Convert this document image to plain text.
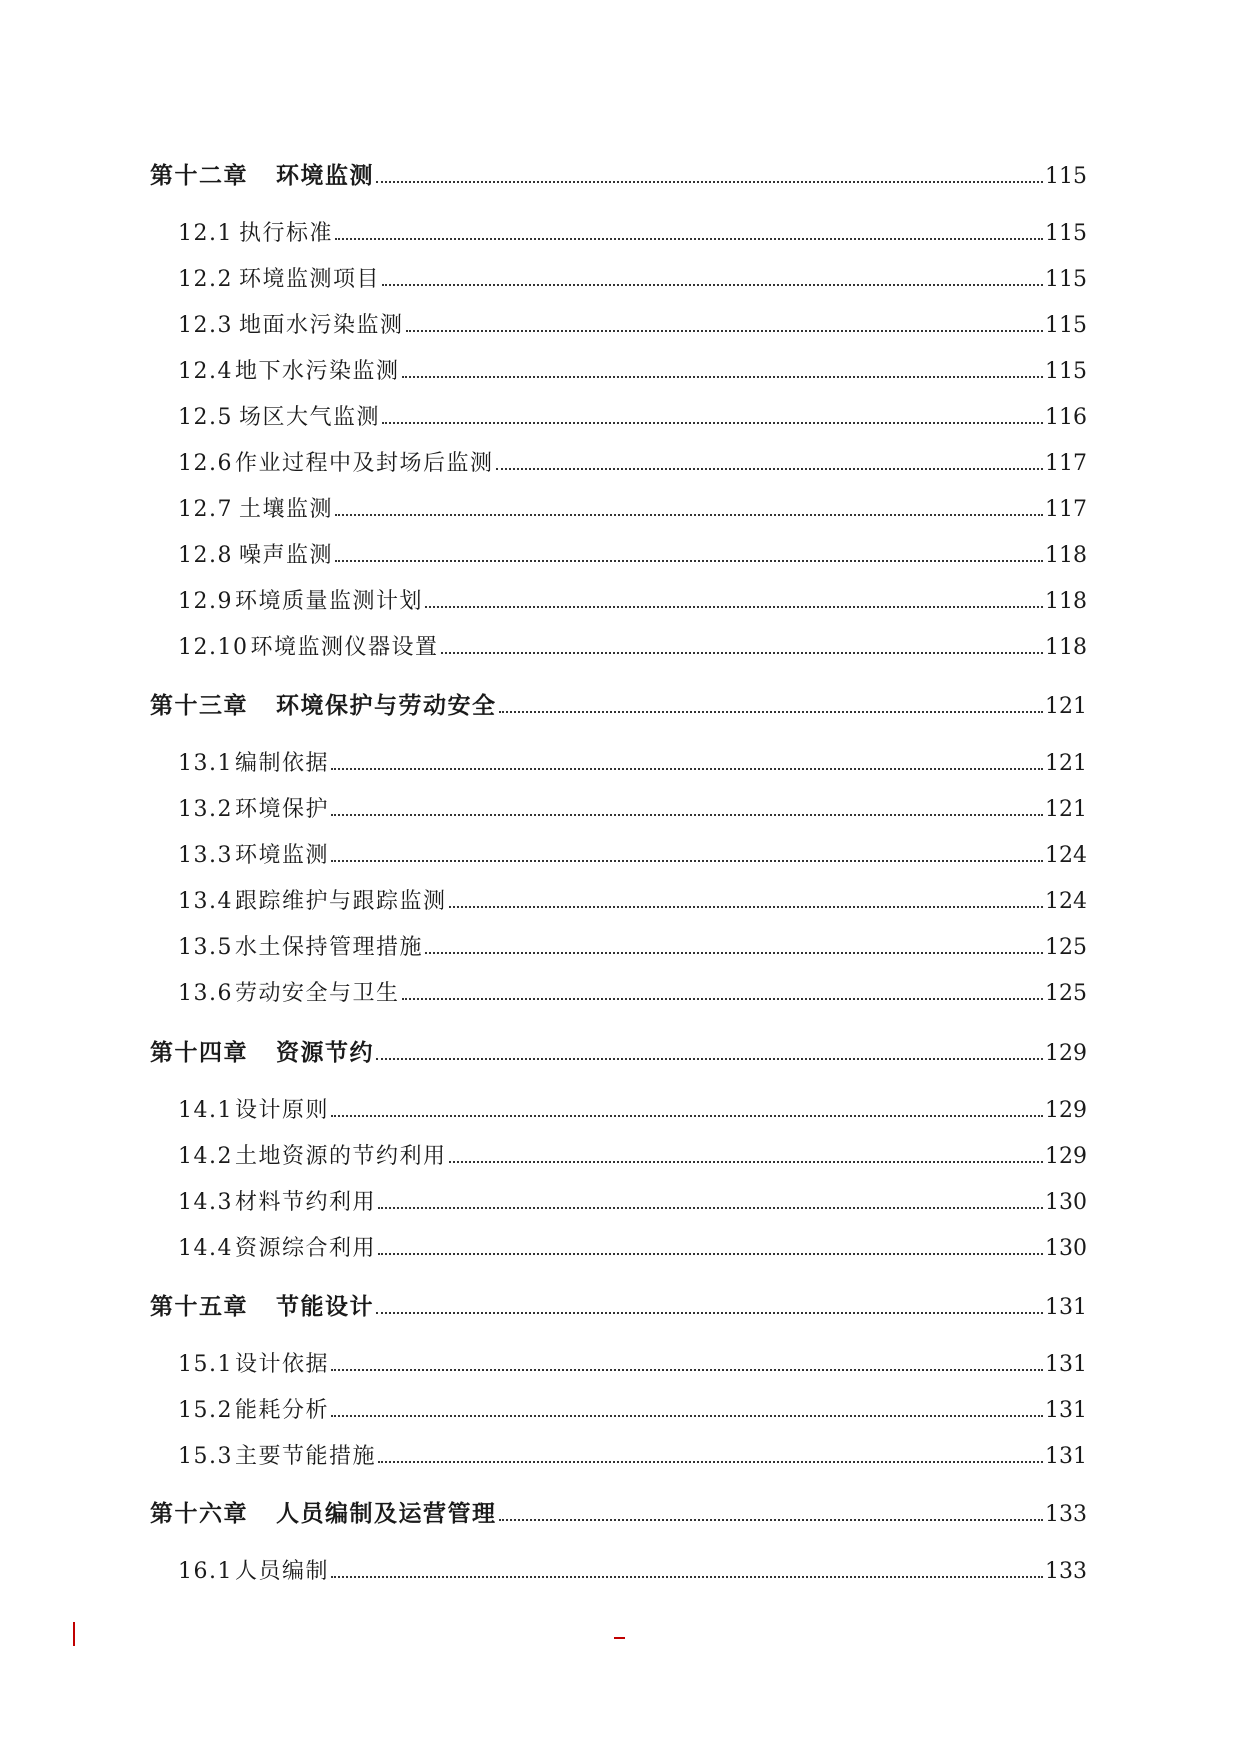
第十二章 环境监测	115
12.1 执行标准	115
12.2 环境监测项目	115
12.3 地面水污染监测	115
12.4 地下水污染监测	115
12.5 场区大气监测	116
12.6 作业过程中及封场后监测	117
12.7 土壤监测	117
12.8 噪声监测	118
12.9 环境质量监测计划	118
12.10 环境监测仪器设置	118
第十三章 环境保护与劳动安全	121
13.1 编制依据	121
13.2 环境保护	121
13.3 环境监测	124
13.4 跟踪维护与跟踪监测	124
13.5 水土保持管理措施	125
13.6 劳动安全与卫生	125
第十四章 资源节约	129
14.1 设计原则	129
14.2 土地资源的节约利用	129
14.3 材料节约利用	130
14.4 资源综合利用	130
第十五章 节能设计	131
15.1 设计依据	131
15.2 能耗分析	131
15.3 主要节能措施	131
第十六章 人员编制及运营管理	133
16.1 人员编制	133
